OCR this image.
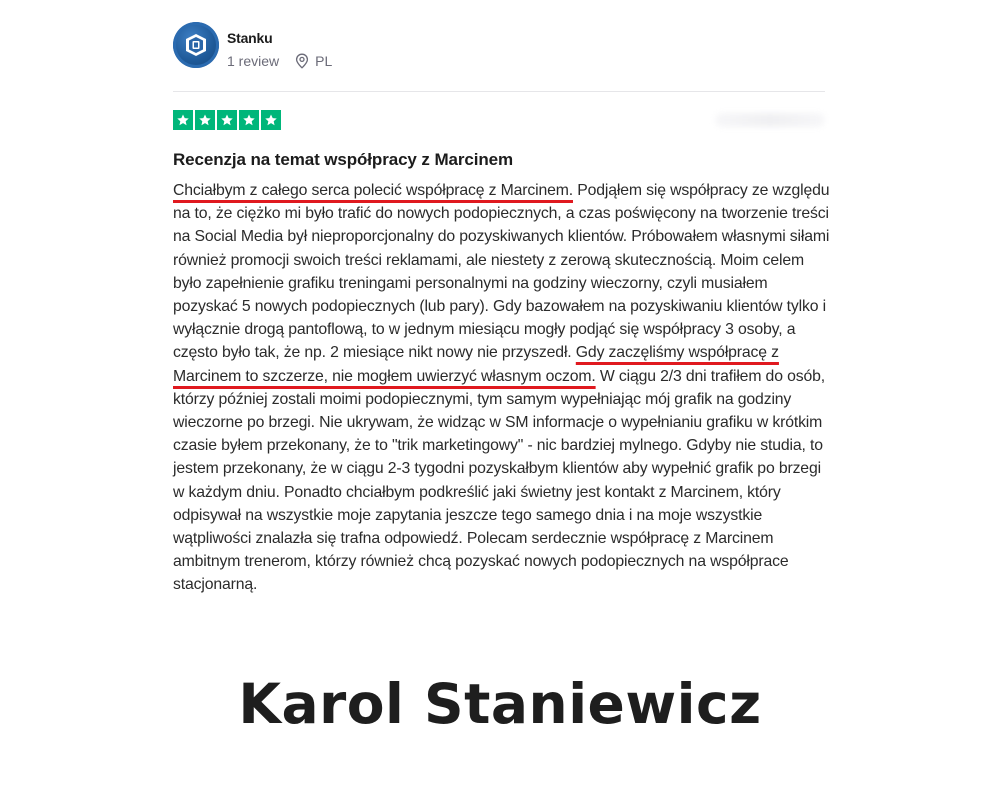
Stanku
1 review	PL
Recenzja na temat współpracy z Marcinem
Chciałbym z całego serca polecić współpracę z Marcinem. Podjąłem się współpracy ze względu na to, że ciężko mi było trafić do nowych podopiecznych, a czas poświęcony na tworzenie treści na Social Media był nieproporcjonalny do pozyskiwanych klientów. Próbowałem własnymi siłami również promocji swoich treści reklamami, ale niestety z zerową skutecznością. Moim celem było zapełnienie grafiku treningami personalnymi na godziny wieczorny, czyli musiałem pozyskać 5 nowych podopiecznych (lub pary). Gdy bazowałem na pozyskiwaniu klientów tylko i wyłącznie drogą pantoflową, to w jednym miesiącu mogły podjąć się współpracy 3 osoby, a często było tak, że np. 2 miesiące nikt nowy nie przyszedł. Gdy zaczęliśmy współpracę z Marcinem to szczerze, nie mogłem uwierzyć własnym oczom. W ciągu 2/3 dni trafiłem do osób, którzy później zostali moimi podopiecznymi, tym samym wypełniając mój grafik na godziny wieczorne po brzegi. Nie ukrywam, że widząc w SM informacje o wypełnianiu grafiku w krótkim czasie byłem przekonany, że to "trik marketingowy" - nic bardziej mylnego. Gdyby nie studia, to jestem przekonany, że w ciągu 2-3 tygodni pozyskałbym klientów aby wypełnić grafik po brzegi w każdym dniu. Ponadto chciałbym podkreślić jaki świetny jest kontakt z Marcinem, który odpisywał na wszystkie moje zapytania jeszcze tego samego dnia i na moje wszystkie wątpliwości znalazła się trafna odpowiedź. Polecam serdecznie współpracę z Marcinem ambitnym trenerom, którzy również chcą pozyskać nowych podopiecznych na współprace stacjonarną.
Karol Staniewicz
